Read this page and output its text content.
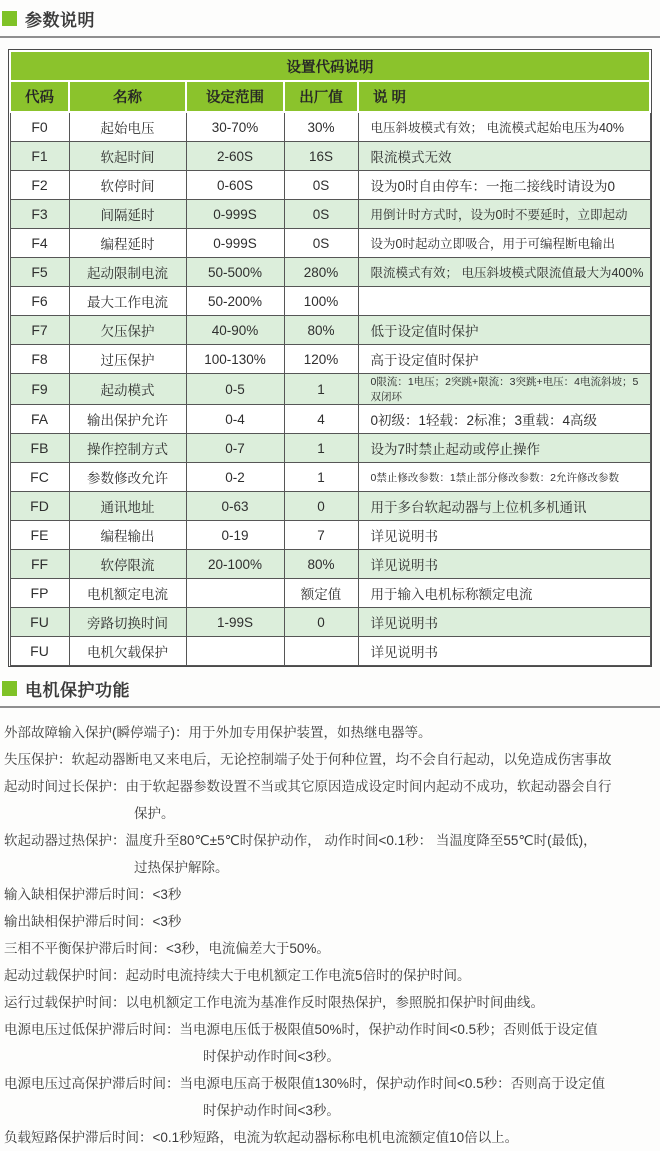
参数说明
设置代码说明				
代码	名称	设定范围	出厂值	说 明
F0	起始电压	30-70%	30%	电压斜坡模式有效； 电流模式起始电压为40%
F1	软起时间	2-60S	16S	限流模式无效
F2	软停时间	0-60S	0S	设为0时自由停车：一拖二接线时请设为0
F3	间隔延时	0-999S	0S	用倒计时方式时，设为0时不要延时，立即起动
F4	编程延时	0-999S	0S	设为0时起动立即吸合，用于可编程断电输出
F5	起动限制电流	50-500%	280%	限流模式有效； 电压斜坡模式限流值最大为400%
F6	最大工作电流	50-200%	100%	
F7	欠压保护	40-90%	80%	低于设定值时保护
F8	过压保护	100-130%	120%	高于设定值时保护
F9	起动模式	0-5	1	0限流：1电压；2突跳+限流：3突跳+电压：4电流斜坡；5双闭环
FA	输出保护允许	0-4	4	0初级：1轻载：2标准；3重载：4高级
FB	操作控制方式	0-7	1	设为7时禁止起动或停止操作
FC	参数修改允许	0-2	1	0禁止修改参数：1禁止部分修改参数：2允许修改参数
FD	通讯地址	0-63	0	用于多台软起动器与上位机多机通讯
FE	编程输出	0-19	7	详见说明书
FF	软停限流	20-100%	80%	详见说明书
FP	电机额定电流		额定值	用于输入电机标称额定电流
FU	旁路切换时间	1-99S	0	详见说明书
FU	电机欠载保护			详见说明书
电机保护功能
外部故障输入保护(瞬停端子)：用于外加专用保护装置，如热继电器等。
失压保护：软起动器断电又来电后，无论控制端子处于何种位置，均不会自行起动，以免造成伤害事故
起动时间过长保护：由于软起器参数设置不当或其它原因造成设定时间内起动不成功，软起动器会自行
保护。
软起动器过热保护：温度升至80℃±5℃时保护动作， 动作时间<0.1秒： 当温度降至55℃时(最低)，
过热保护解除。
输入缺相保护滞后时间：<3秒
输出缺相保护滞后时间：<3秒
三相不平衡保护滞后时间：<3秒，电流偏差大于50%。
起动过载保护时间：起动时电流持续大于电机额定工作电流5倍时的保护时间。
运行过载保护时间：以电机额定工作电流为基准作反时限热保护，参照脱扣保护时间曲线。
电源电压过低保护滞后时间：当电源电压低于极限值50%时，保护动作时间<0.5秒；否则低于设定值
时保护动作时间<3秒。
电源电压过高保护滞后时间：当电源电压高于极限值130%时，保护动作时间<0.5秒：否则高于设定值
时保护动作时间<3秒。
负载短路保护滞后时间：<0.1秒短路，电流为软起动器标称电机电流额定值10倍以上。
